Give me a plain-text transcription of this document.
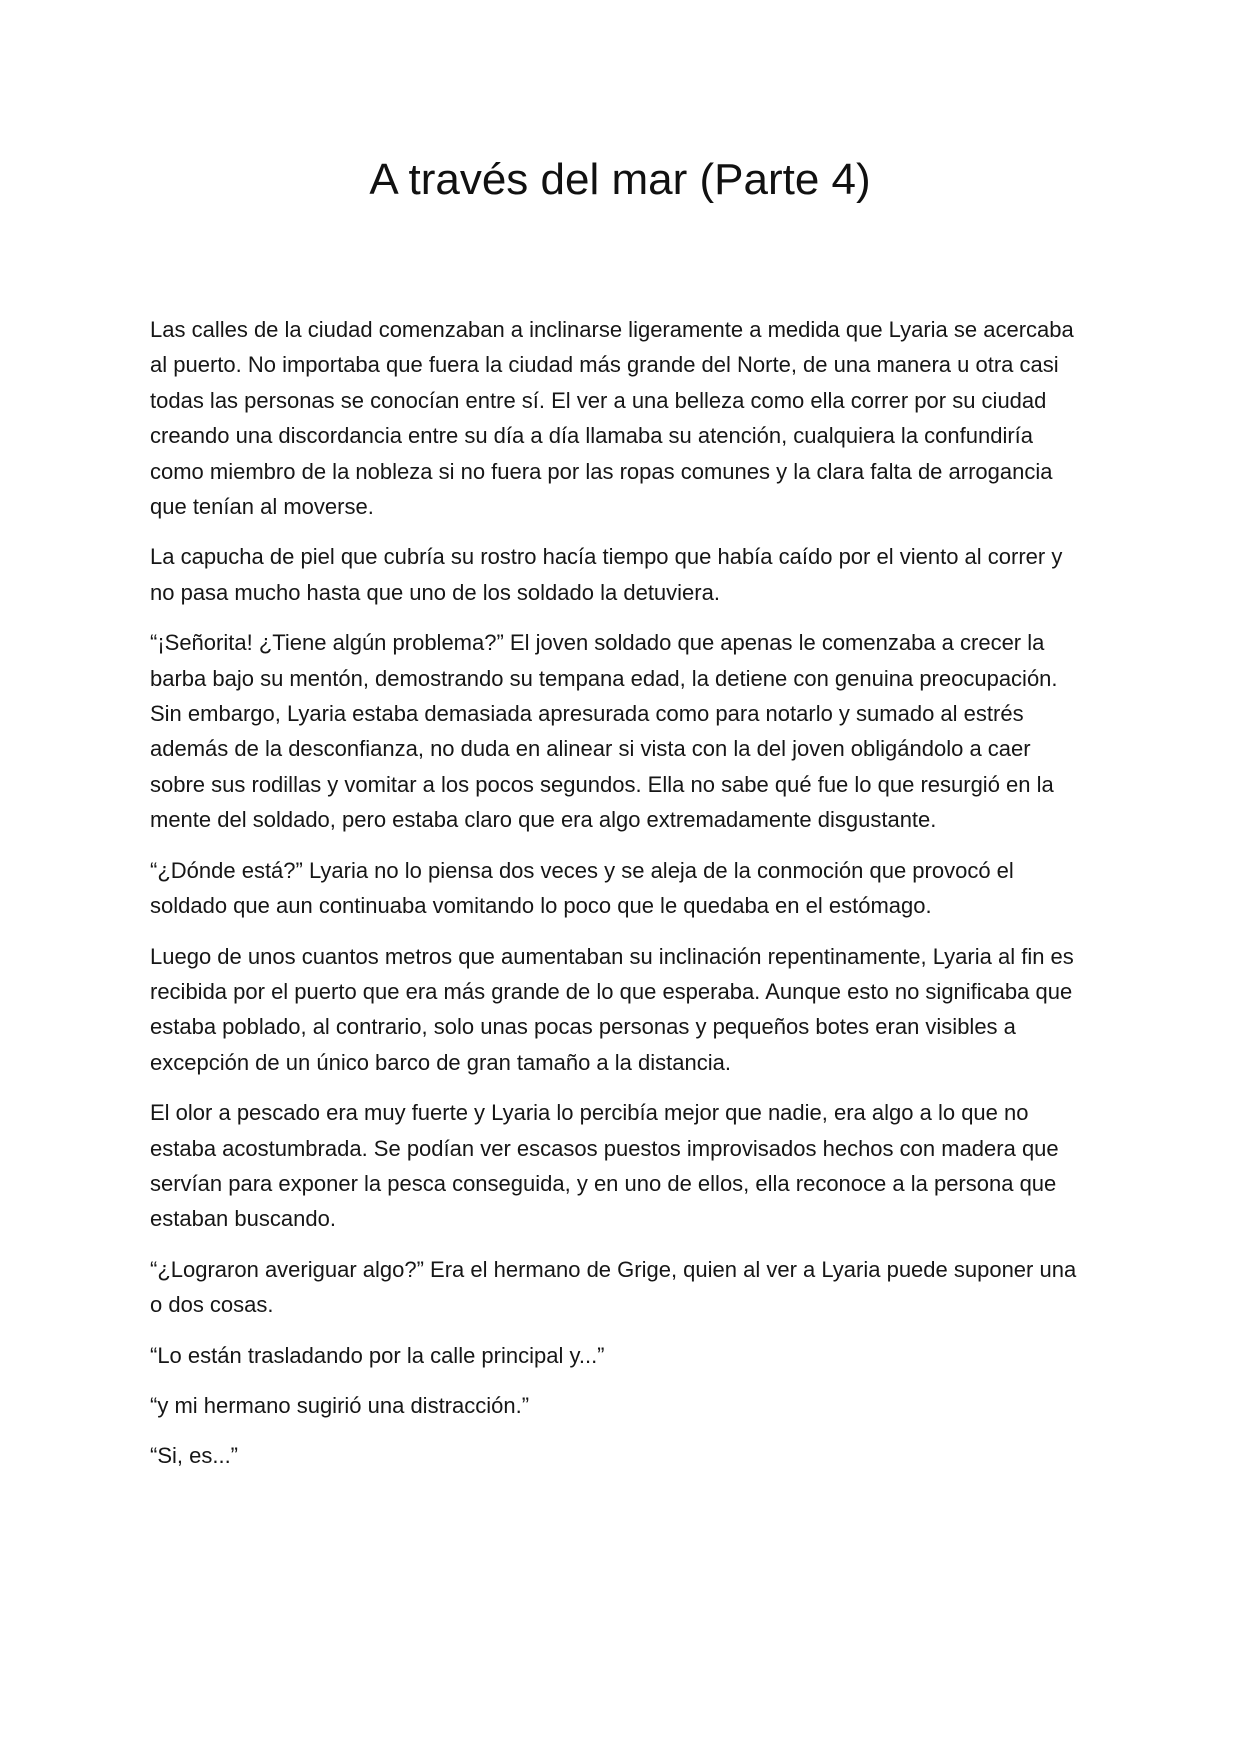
A través del mar (Parte 4)

Las calles de la ciudad comenzaban a inclinarse ligeramente a medida que Lyaria se acercaba al puerto. No importaba que fuera la ciudad más grande del Norte, de una manera u otra casi todas las personas se conocían entre sí. El ver a una belleza como ella correr por su ciudad creando una discordancia entre su día a día llamaba su atención, cualquiera la confundiría como miembro de la nobleza si no fuera por las ropas comunes y la clara falta de arrogancia que tenían al moverse.

La capucha de piel que cubría su rostro hacía tiempo que había caído por el viento al correr y no pasa mucho hasta que uno de los soldado la detuviera.

“¡Señorita! ¿Tiene algún problema?” El joven soldado que apenas le comenzaba a crecer la barba bajo su mentón, demostrando su tempana edad, la detiene con genuina preocupación. Sin embargo, Lyaria estaba demasiada apresurada como para notarlo y sumado al estrés además de la desconfianza, no duda en alinear si vista con la del joven obligándolo a caer sobre sus rodillas y vomitar a los pocos segundos. Ella no sabe qué fue lo que resurgió en la mente del soldado, pero estaba claro que era algo extremadamente disgustante.

“¿Dónde está?” Lyaria no lo piensa dos veces y se aleja de la conmoción que provocó el soldado que aun continuaba vomitando lo poco que le quedaba en el estómago.

Luego de unos cuantos metros que aumentaban su inclinación repentinamente, Lyaria al fin es recibida por el puerto que era más grande de lo que esperaba. Aunque esto no significaba que estaba poblado, al contrario, solo unas pocas personas y pequeños botes eran visibles a excepción de un único barco de gran tamaño a la distancia.

El olor a pescado era muy fuerte y Lyaria lo percibía mejor que nadie, era algo a lo que no estaba acostumbrada. Se podían ver escasos puestos improvisados hechos con madera que servían para exponer la pesca conseguida, y en uno de ellos, ella reconoce a la persona que estaban buscando.

“¿Lograron averiguar algo?” Era el hermano de Grige, quien al ver a Lyaria puede suponer una o dos cosas.

“Lo están trasladando por la calle principal y...”

“y mi hermano sugirió una distracción.”

“Si, es...”
